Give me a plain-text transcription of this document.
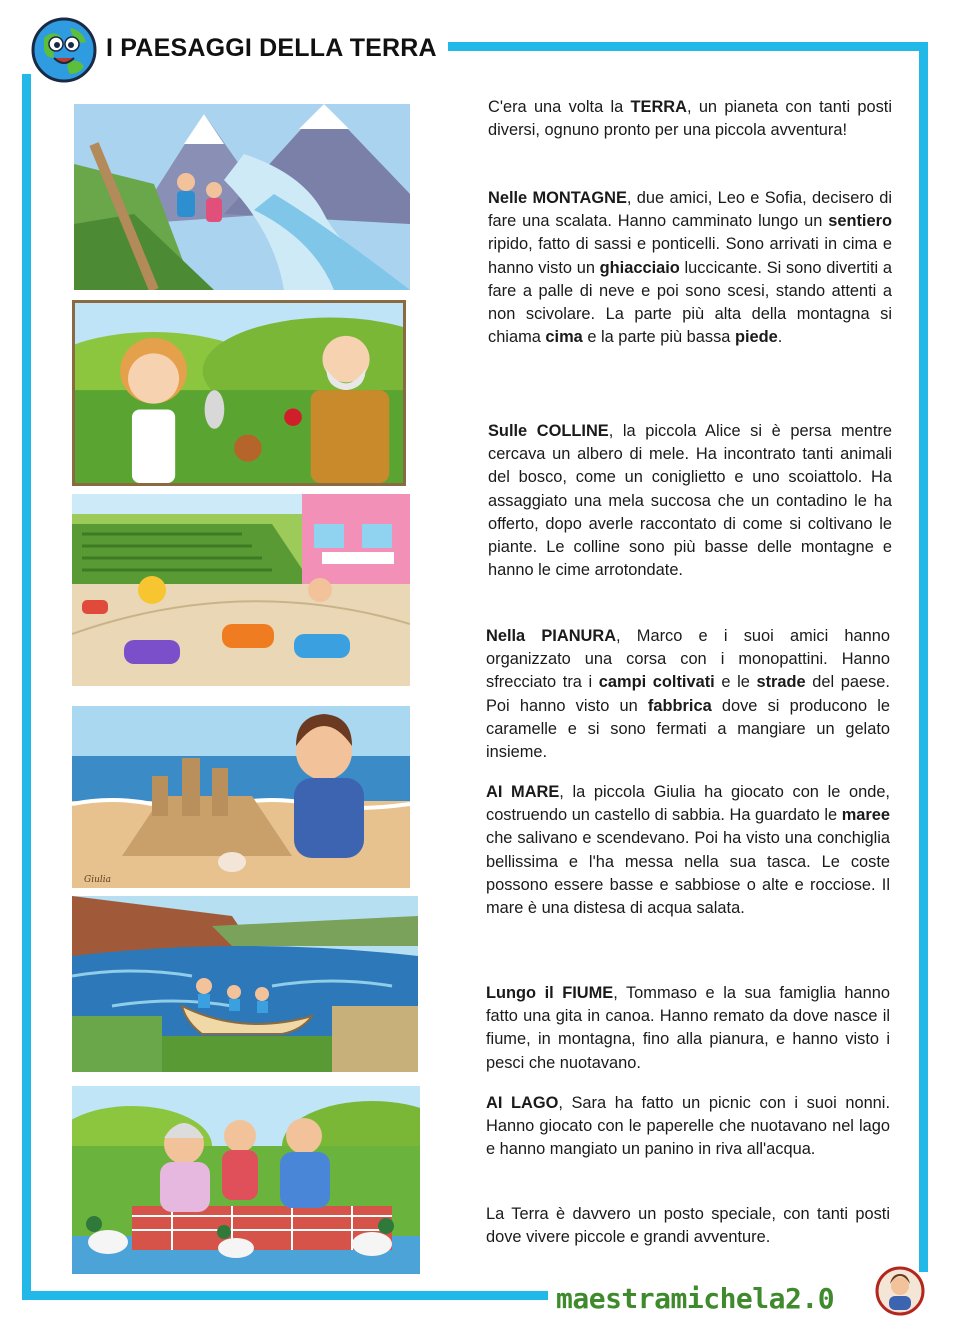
I PAESAGGI DELLA TERRA
Giulia

C'era una volta la TERRA, un pianeta con tanti posti diversi, ognuno pronto per una piccola avventura!

Nelle MONTAGNE, due amici, Leo e Sofia, decisero di fare una scalata. Hanno camminato lungo un sentiero ripido, fatto di sassi e ponticelli. Sono arrivati in cima e hanno visto un ghiacciaio luccicante. Si sono divertiti a fare a palle di neve e poi sono scesi, stando attenti a non scivolare. La parte più alta della montagna si chiama cima e la parte più bassa piede.

Sulle COLLINE, la piccola Alice si è persa mentre cercava un albero di mele. Ha incontrato tanti animali del bosco, come un coniglietto e uno scoiattolo. Ha assaggiato una mela succosa che un contadino le ha offerto, dopo averle raccontato di come si coltivano le piante. Le colline sono più basse delle montagne e hanno le cime arrotondate.

Nella PIANURA, Marco e i suoi amici hanno organizzato una corsa con i monopattini. Hanno sfrecciato tra i campi coltivati e le strade del paese. Poi hanno visto un fabbrica dove si producono le caramelle e si sono fermati a mangiare un gelato insieme.

AI MARE, la piccola Giulia ha giocato con le onde, costruendo un castello di sabbia. Ha guardato le maree che salivano e scendevano. Poi ha visto una conchiglia bellissima e l'ha messa nella sua tasca. Le coste possono essere basse e sabbiose o alte e rocciose. Il mare è una distesa di acqua salata.

Lungo il FIUME, Tommaso e la sua famiglia hanno fatto una gita in canoa. Hanno remato da dove nasce il fiume, in montagna, fino alla pianura, e hanno visto i pesci che nuotavano.

AI LAGO, Sara ha fatto un picnic con i suoi nonni. Hanno giocato con le paperelle che nuotavano nel lago e hanno mangiato un panino in riva all'acqua.

La Terra è davvero un posto speciale, con tanti posti dove vivere piccole e grandi avventure.

maestramichela2.0
